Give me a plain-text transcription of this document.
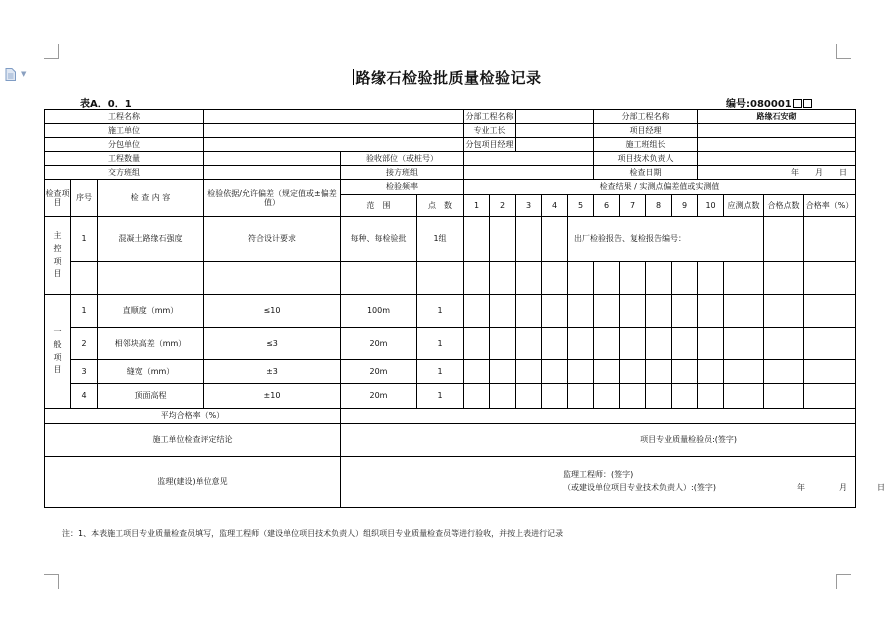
▼	路缘石检验批质量检验记录
表A．0．1	编号:080001
工程名称						分部工程名称					分部工程名称				路缘石安砌				
施工单位						专业工长					项目经理								
分包单位						分包项目经理					施工班组长								
工程数量				验收部位（或桩号）							项目技术负责人								
交方班组				接方班组							检查日期				年　　月　　日				
检查项目	序号	检 查 内 容	检验依据/允许偏差（规定值或±偏差值）	检验频率		检查结果 / 实测点偏差值或实测值													
				范　围	点　数	1	2	3	4	5	6	7	8	9	10	应测点数	合格点数	合格率（%）	

主控项目	1	混凝土路缘石强度	符合设计要求	每种、每检验批	1组					出厂检验报告、复检报告编号：									

一般项目	1	直顺度（mm）	≤10	100m	1														
	2	相邻块高差（mm）	≤3	20m	1														
	3	缝宽（mm）	±3	20m	1														
	4	顶面高程	±10	20m	1														
平均合格率（%）																			
施工单位检查评定结论				项目专业质量检验员:(签字)															
监理(建设)单位意见				监理工程师：(签字)
（或建设单位项目专业技术负责人）:(签字) 年 月 日															
注：1、本表施工项目专业质量检查员填写，监理工程师（建设单位项目技术负责人）组织项目专业质量检查员等进行验收，并按上表进行记录
